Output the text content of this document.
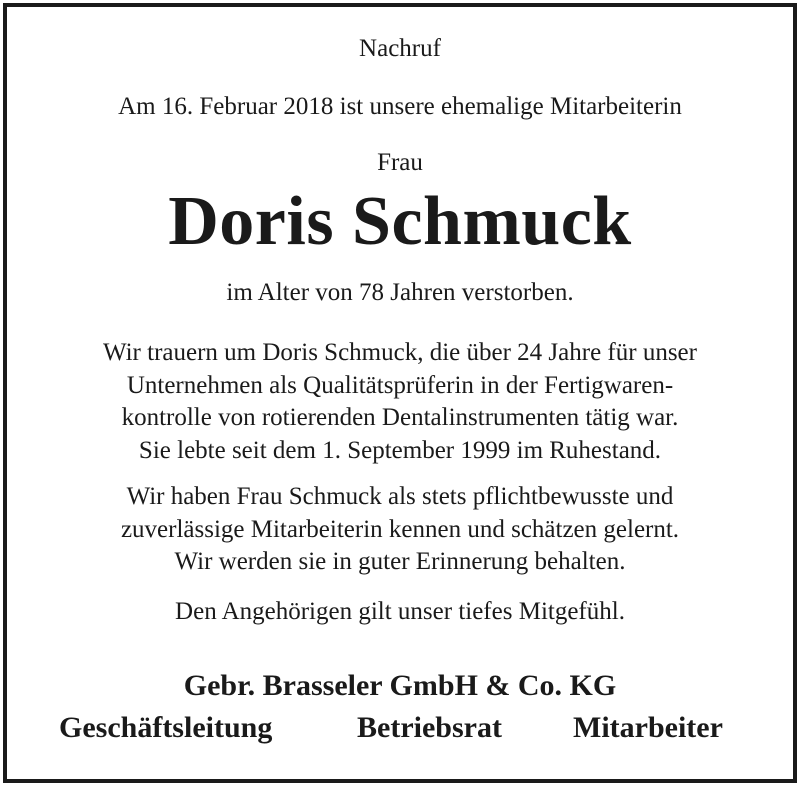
Nachruf
Am 16. Februar 2018 ist unsere ehemalige Mitarbeiterin
Frau
Doris Schmuck
im Alter von 78 Jahren verstorben.
Wir trauern um Doris Schmuck, die über 24 Jahre für unser
Unternehmen als Qualitätsprüferin in der Fertigwaren-
kontrolle von rotierenden Dentalinstrumenten tätig war.
Sie lebte seit dem 1. September 1999 im Ruhestand.
Wir haben Frau Schmuck als stets pflichtbewusste und
zuverlässige Mitarbeiterin kennen und schätzen gelernt.
Wir werden sie in guter Erinnerung behalten.
Den Angehörigen gilt unser tiefes Mitgefühl.
Gebr. Brasseler GmbH & Co. KG
Geschäftsleitung	Betriebsrat Mitarbeiter
